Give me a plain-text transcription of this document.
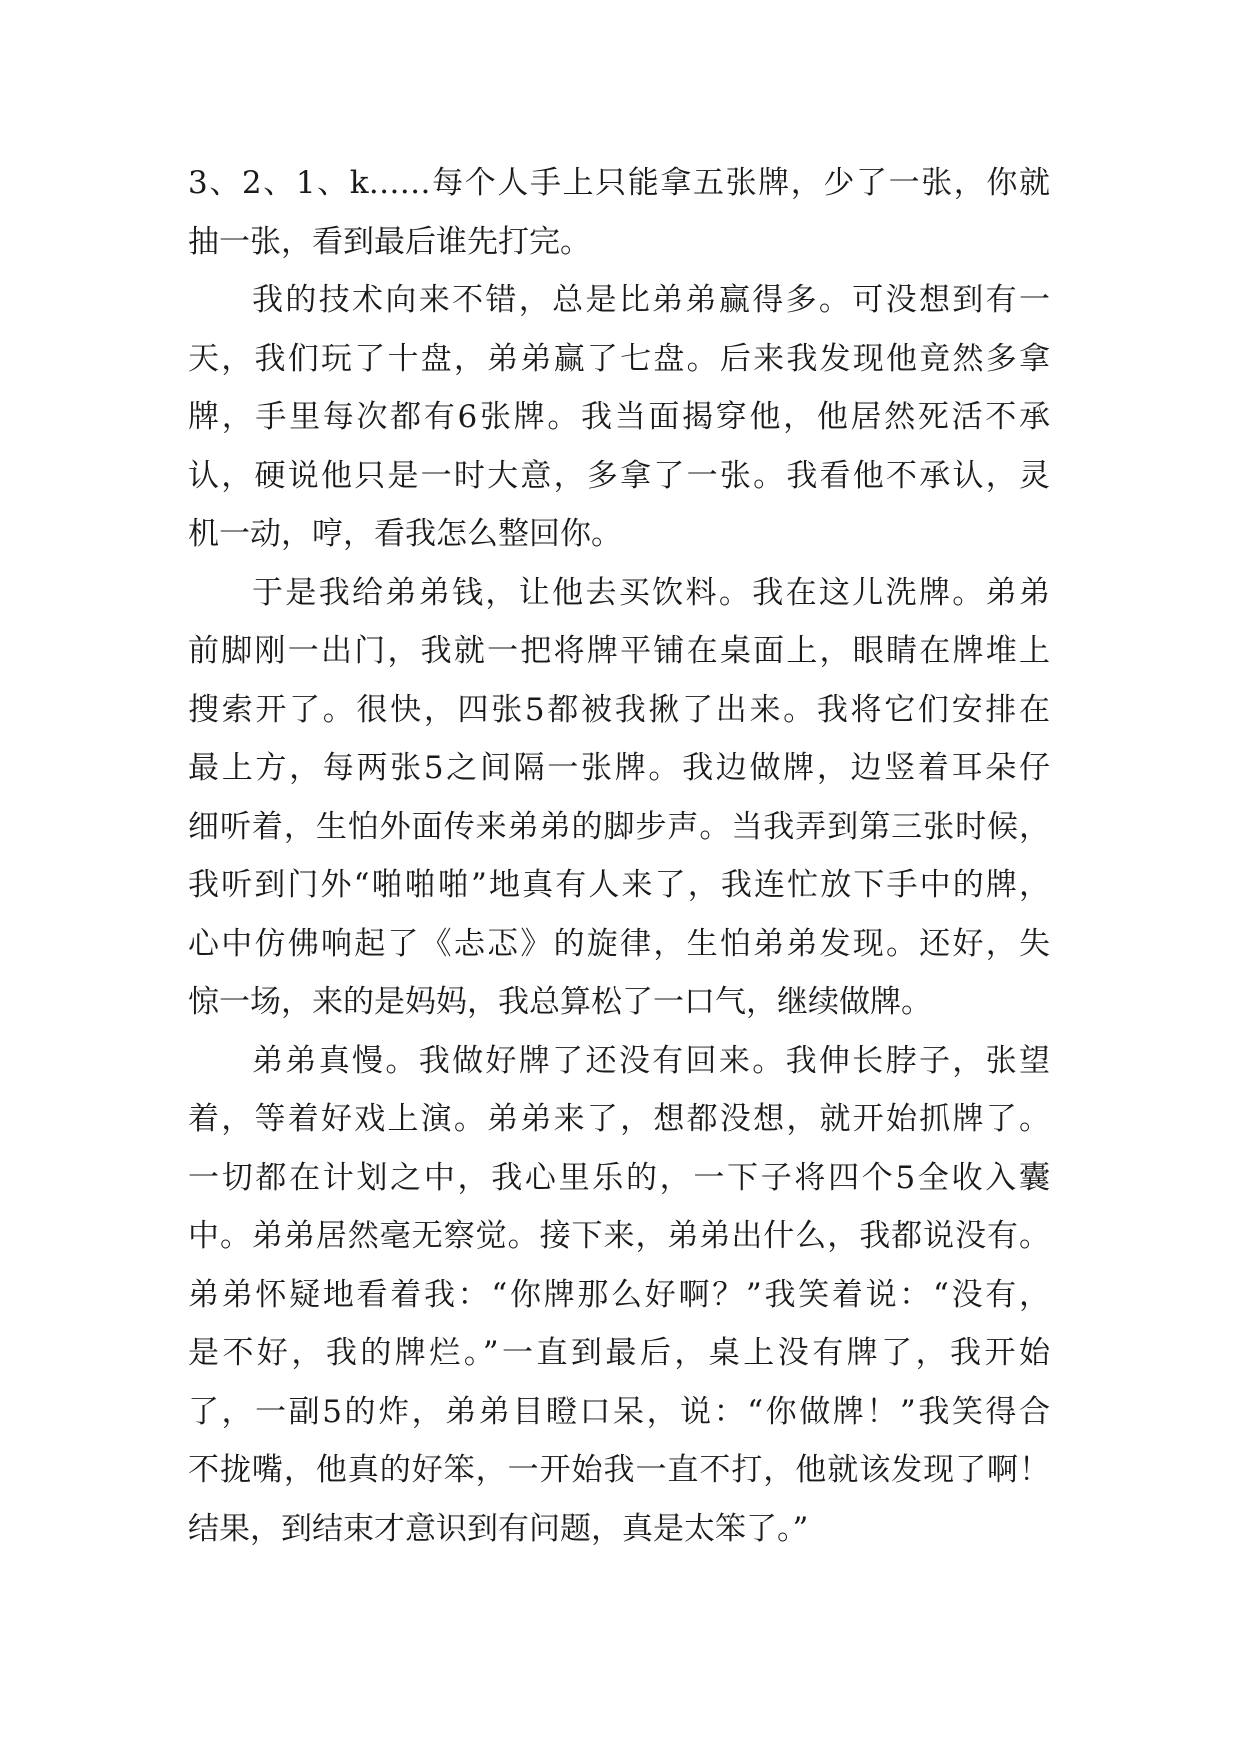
3、2、1、k……每个人手上只能拿五张牌，少了一张，你就
抽一张，看到最后谁先打完。
我的技术向来不错，总是比弟弟赢得多。可没想到有一
天，我们玩了十盘，弟弟赢了七盘。后来我发现他竟然多拿
牌，手里每次都有6张牌。我当面揭穿他，他居然死活不承
认，硬说他只是一时大意，多拿了一张。我看他不承认，灵
机一动，哼，看我怎么整回你。
于是我给弟弟钱，让他去买饮料。我在这儿洗牌。弟弟
前脚刚一出门，我就一把将牌平铺在桌面上，眼睛在牌堆上
搜索开了。很快，四张5都被我揪了出来。我将它们安排在
最上方，每两张5之间隔一张牌。我边做牌，边竖着耳朵仔
细听着，生怕外面传来弟弟的脚步声。当我弄到第三张时候，
我听到门外“啪啪啪”地真有人来了，我连忙放下手中的牌，
心中仿佛响起了《忐忑》的旋律，生怕弟弟发现。还好，失
惊一场，来的是妈妈，我总算松了一口气，继续做牌。
弟弟真慢。我做好牌了还没有回来。我伸长脖子，张望
着，等着好戏上演。弟弟来了，想都没想，就开始抓牌了。
一切都在计划之中，我心里乐的，一下子将四个5全收入囊
中。弟弟居然毫无察觉。接下来，弟弟出什么，我都说没有。
弟弟怀疑地看着我：“你牌那么好啊？”我笑着说：“没有，
是不好，我的牌烂。”一直到最后，桌上没有牌了，我开始
了，一副5的炸，弟弟目瞪口呆，说：“你做牌！”我笑得合
不拢嘴，他真的好笨，一开始我一直不打，他就该发现了啊！
结果，到结束才意识到有问题，真是太笨了。”
